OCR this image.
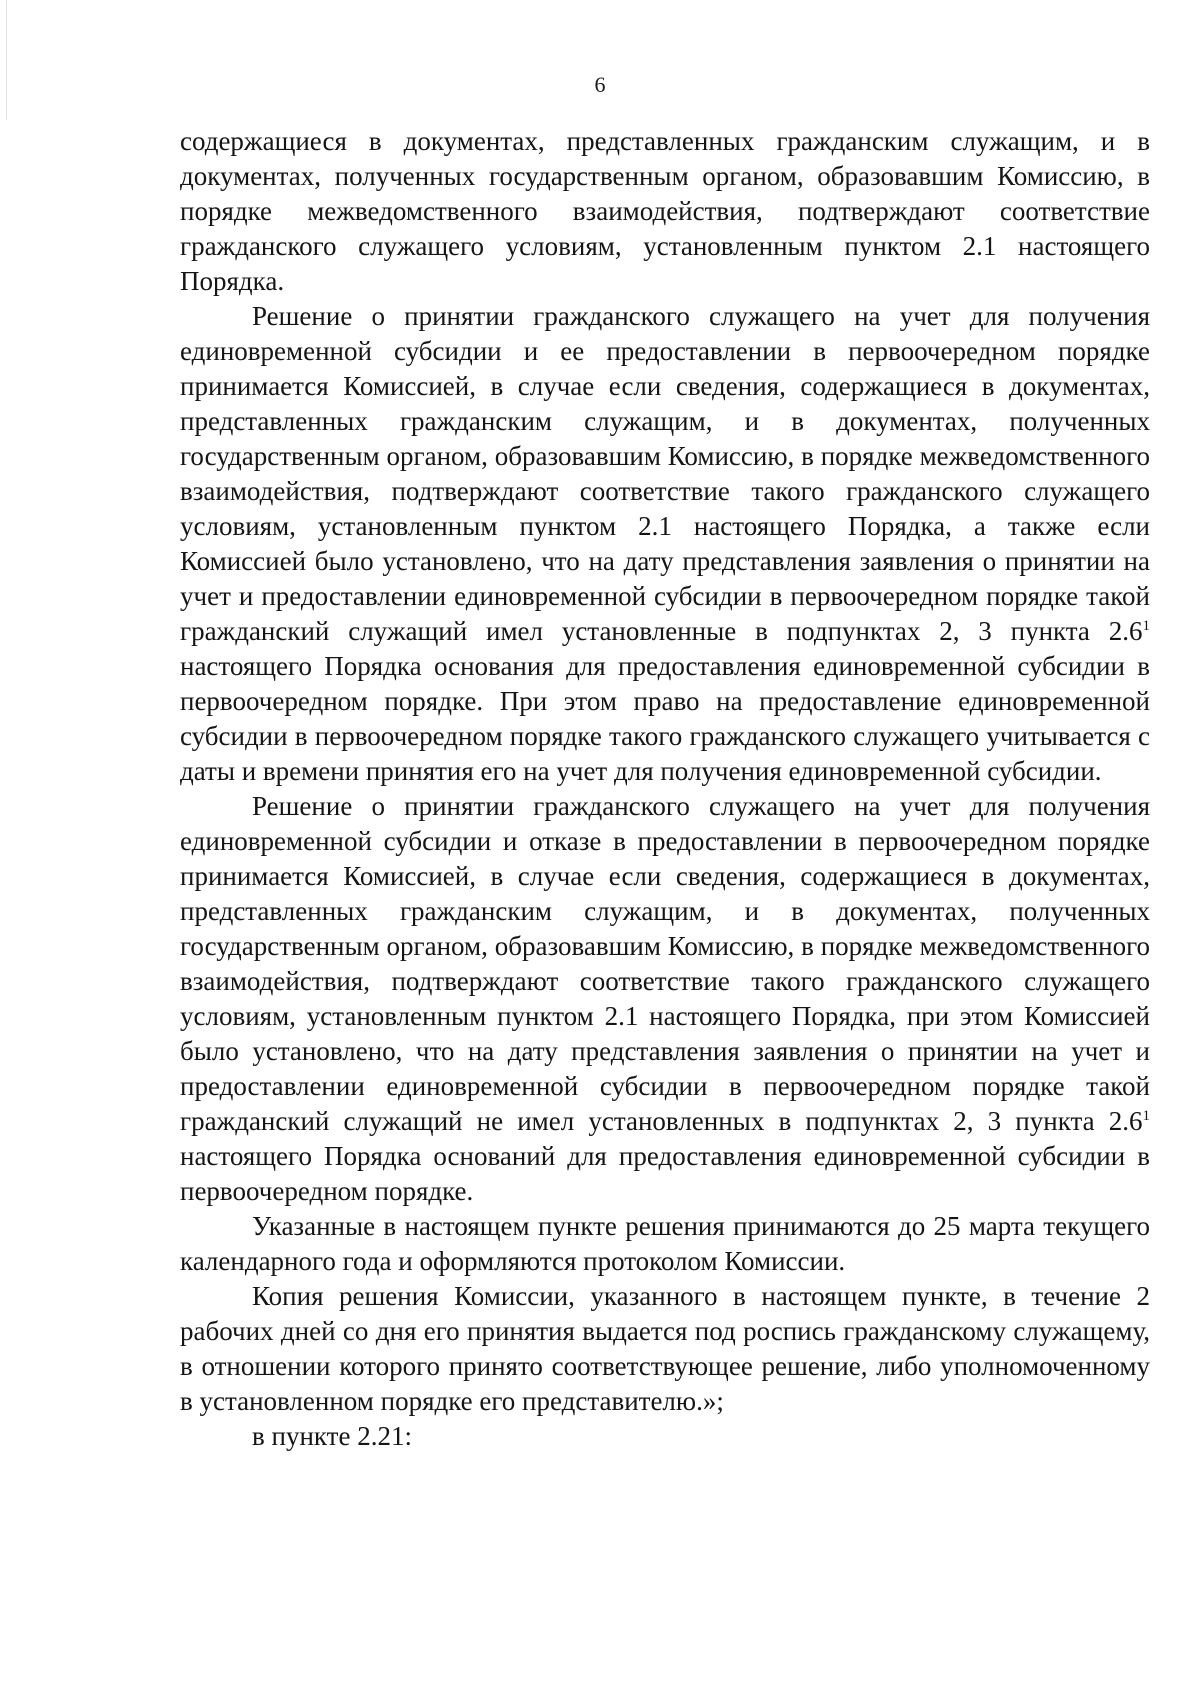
6

содержащиеся в документах, представленных гражданским служащим, и в документах, полученных государственным органом, образовавшим Комиссию, в порядке межведомственного взаимодействия, подтверждают соответствие гражданского служащего условиям, установленным пунктом 2.1 настоящего Порядка.

Решение о принятии гражданского служащего на учет для получения единовременной субсидии и ее предоставлении в первоочередном порядке принимается Комиссией, в случае если сведения, содержащиеся в документах, представленных гражданским служащим, и в документах, полученных государственным органом, образовавшим Комиссию, в порядке межведомственного взаимодействия, подтверждают соответствие такого гражданского служащего условиям, установленным пунктом 2.1 настоящего Порядка, а также если Комиссией было установлено, что на дату представления заявления о принятии на учет и предоставлении единовременной субсидии в первоочередном порядке такой гражданский служащий имел установленные в подпунктах 2, 3 пункта $2.6^1$ настоящего Порядка основания для предоставления единовременной субсидии в первоочередном порядке. При этом право на предоставление единовременной субсидии в первоочередном порядке такого гражданского служащего учитывается с даты и времени принятия его на учет для получения единовременной субсидии.

Решение о принятии гражданского служащего на учет для получения единовременной субсидии и отказе в предоставлении в первоочередном порядке принимается Комиссией, в случае если сведения, содержащиеся в документах, представленных гражданским служащим, и в документах, полученных государственным органом, образовавшим Комиссию, в порядке межведомственного взаимодействия, подтверждают соответствие такого гражданского служащего условиям, установленным пунктом 2.1 настоящего Порядка, при этом Комиссией было установлено, что на дату представления заявления о принятии на учет и предоставлении единовременной субсидии в первоочередном порядке такой гражданский служащий не имел установленных в подпунктах 2, 3 пункта $2.6^1$ настоящего Порядка оснований для предоставления единовременной субсидии в первоочередном порядке.

Указанные в настоящем пункте решения принимаются до 25 марта текущего календарного года и оформляются протоколом Комиссии.

Копия решения Комиссии, указанного в настоящем пункте, в течение 2 рабочих дней со дня его принятия выдается под роспись гражданскому служащему, в отношении которого принято соответствующее решение, либо уполномоченному в установленном порядке его представителю.»;

в пункте 2.21:
